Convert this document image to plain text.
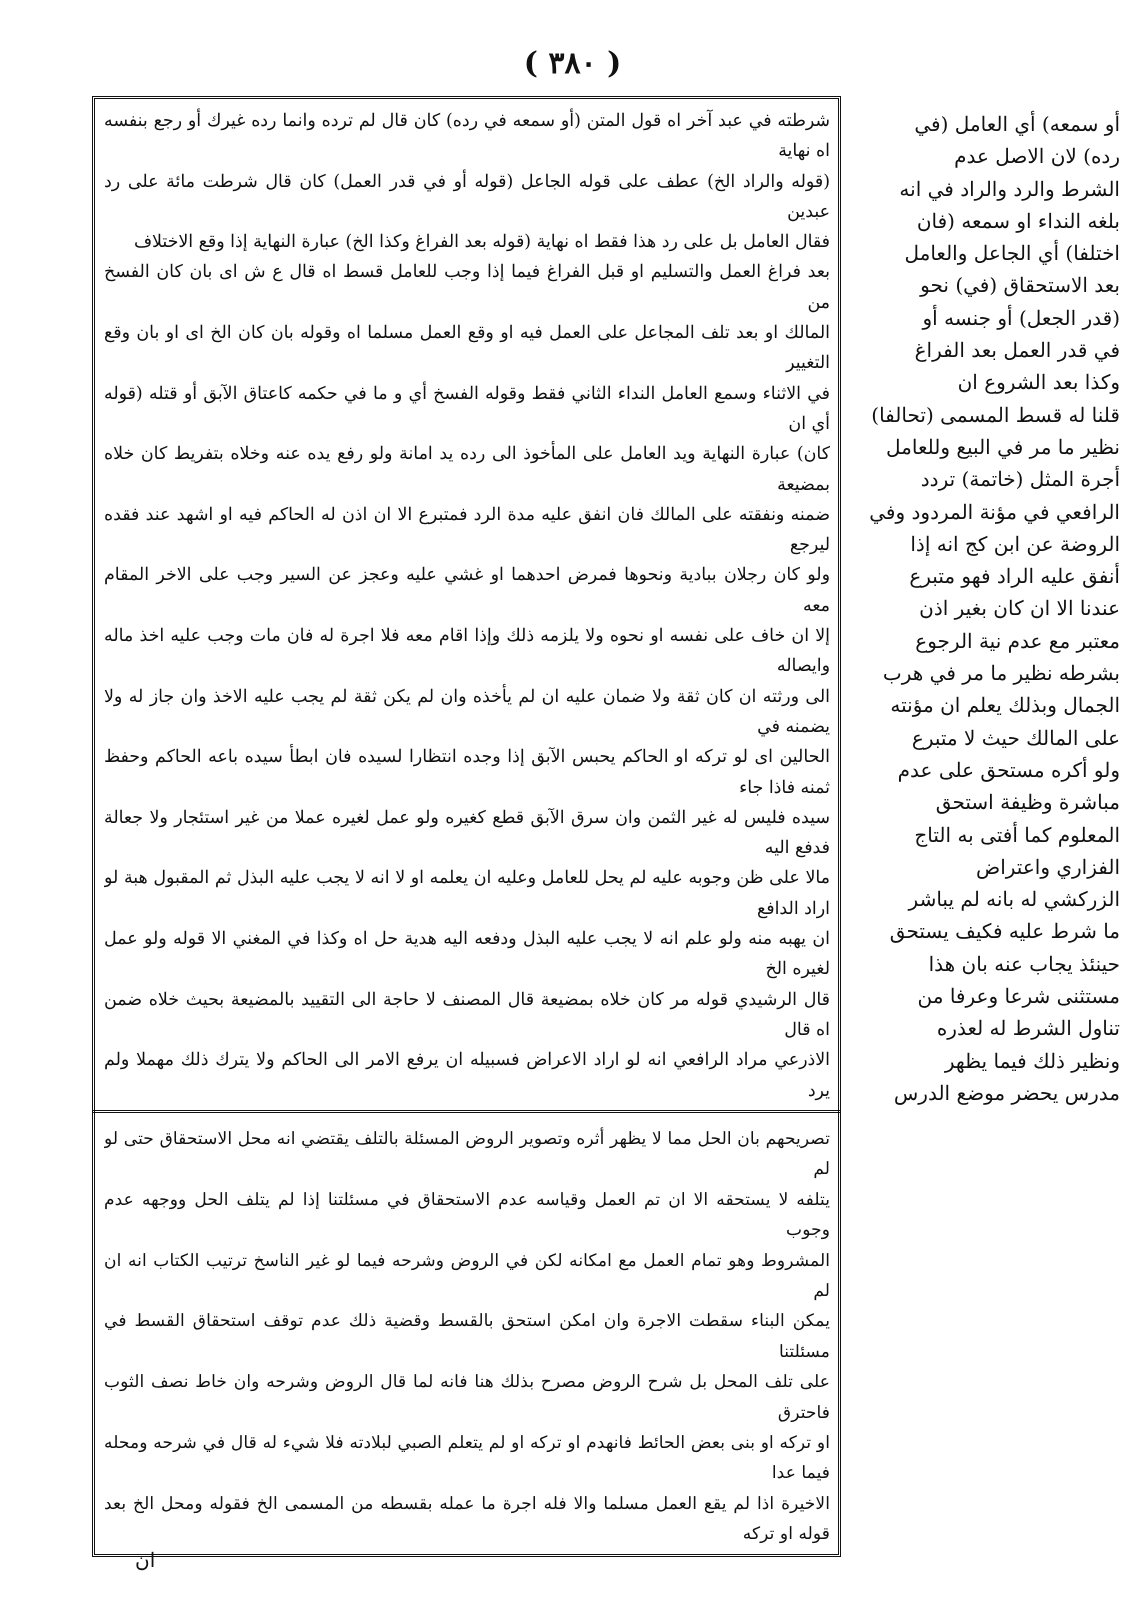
( ٣٨٠ )
شرطته في عبد آخر اه قول المتن (أو سمعه في رده) كان قال لم ترده وانما رده غيرك أو رجع بنفسه اه نهاية
(قوله والراد الخ) عطف على قوله الجاعل (قوله أو في قدر العمل) كان قال شرطت مائة على رد عبدين
فقال العامل بل على رد هذا فقط اه نهاية (قوله بعد الفراغ وكذا الخ) عبارة النهاية إذا وقع الاختلاف
بعد فراغ العمل والتسليم او قبل الفراغ فيما إذا وجب للعامل قسط اه قال ع ش اى بان كان الفسخ من
المالك او بعد تلف المجاعل على العمل فيه او وقع العمل مسلما اه وقوله بان كان الخ اى او بان وقع التغيير
في الاثناء وسمع العامل النداء الثاني فقط وقوله الفسخ أي و ما في حكمه كاعتاق الآبق أو قتله (قوله أي ان
كان) عبارة النهاية ويد العامل على المأخوذ الى رده يد امانة ولو رفع يده عنه وخلاه بتفريط كان خلاه بمضيعة
ضمنه ونفقته على المالك فان انفق عليه مدة الرد فمتبرع الا ان اذن له الحاكم فيه او اشهد عند فقده ليرجع
ولو كان رجلان ببادية ونحوها فمرض احدهما او غشي عليه وعجز عن السير وجب على الاخر المقام معه
إلا ان خاف على نفسه او نحوه ولا يلزمه ذلك وإذا اقام معه فلا اجرة له فان مات وجب عليه اخذ ماله وايصاله
الى ورثته ان كان ثقة ولا ضمان عليه ان لم يأخذه وان لم يكن ثقة لم يجب عليه الاخذ وان جاز له ولا يضمنه في
الحالين اى لو تركه او الحاكم يحبس الآبق إذا وجده انتظارا لسيده فان ابطأ سيده باعه الحاكم وحفظ ثمنه فاذا جاء
سيده فليس له غير الثمن وان سرق الآبق قطع كغيره ولو عمل لغيره عملا من غير استئجار ولا جعالة فدفع اليه
مالا على ظن وجوبه عليه لم يحل للعامل وعليه ان يعلمه او لا انه لا يجب عليه البذل ثم المقبول هبة لو اراد الدافع
ان يهبه منه ولو علم انه لا يجب عليه البذل ودفعه اليه هدية حل اه وكذا في المغني الا قوله ولو عمل لغيره الخ
قال الرشيدي قوله مر كان خلاه بمضيعة قال المصنف لا حاجة الى التقييد بالمضيعة بحيث خلاه ضمن اه قال
الاذرعي مراد الرافعي انه لو اراد الاعراض فسبيله ان يرفع الامر الى الحاكم ولا يترك ذلك مهملا ولم يرد
تصريحهم بان الحل مما لا يظهر أثره وتصوير الروض المسئلة بالتلف يقتضي انه محل الاستحقاق حتى لو لم
يتلفه لا يستحقه الا ان تم العمل وقياسه عدم الاستحقاق في مسئلتنا إذا لم يتلف الحل ووجهه عدم وجوب
المشروط وهو تمام العمل مع امكانه لكن في الروض وشرحه فيما لو غير الناسخ ترتيب الكتاب انه ان لم
يمكن البناء سقطت الاجرة وان امكن استحق بالقسط وقضية ذلك عدم توقف استحقاق القسط في مسئلتنا
على تلف المحل بل شرح الروض مصرح بذلك هنا فانه لما قال الروض وشرحه وان خاط نصف الثوب فاحترق
او تركه او بنى بعض الحائط فانهدم او تركه او لم يتعلم الصبي لبلادته فلا شيء له قال في شرحه ومحله فيما عدا
الاخيرة اذا لم يقع العمل مسلما والا فله اجرة ما عمله بقسطه من المسمى الخ فقوله ومحل الخ بعد قوله او تركه
أو سمعه) أي العامل (في
رده) لان الاصل عدم
الشرط والرد والراد في انه
بلغه النداء او سمعه (فان
اختلفا) أي الجاعل والعامل
بعد الاستحقاق (في) نحو
(قدر الجعل) أو جنسه أو
في قدر العمل بعد الفراغ
وكذا بعد الشروع ان
قلنا له قسط المسمى (تحالفا)
نظير ما مر في البيع وللعامل
أجرة المثل (خاتمة) تردد
الرافعي في مؤنة المردود وفي
الروضة عن ابن كج انه إذا
أنفق عليه الراد فهو متبرع
عندنا الا ان كان بغير اذن
معتبر مع عدم نية الرجوع
بشرطه نظير ما مر في هرب
الجمال وبذلك يعلم ان مؤنته
على المالك حيث لا متبرع
ولو أكره مستحق على عدم
مباشرة وظيفة استحق
المعلوم كما أفتى به التاج
الفزاري واعتراض
الزركشي له بانه لم يباشر
ما شرط عليه فكيف يستحق
حينئذ يجاب عنه بان هذا
مستثنى شرعا وعرفا من
تناول الشرط له لعذره
ونظير ذلك فيما يظهر
مدرس يحضر موضع الدرس
ان
